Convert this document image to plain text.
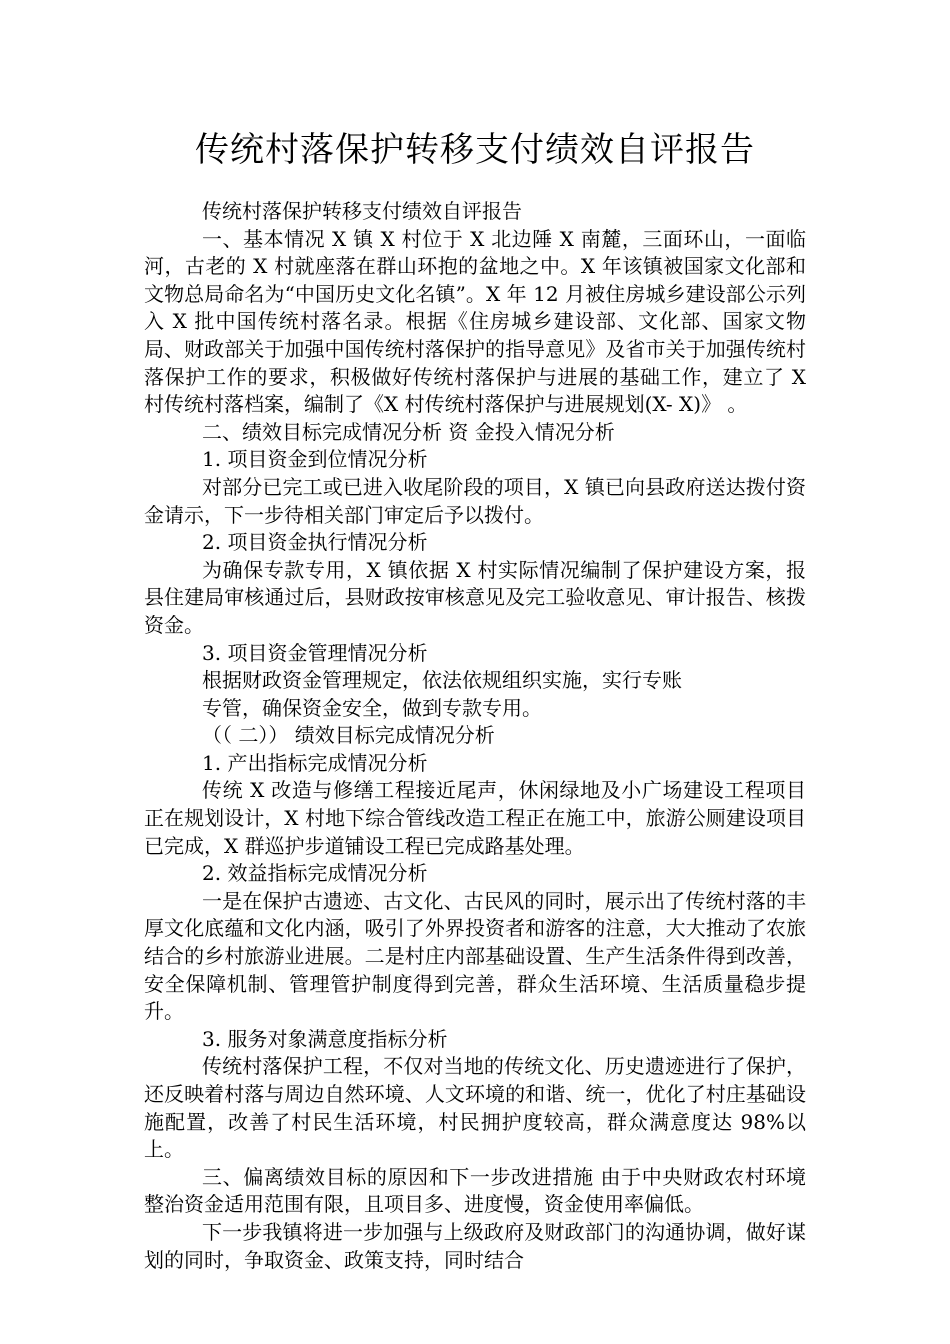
传统村落保护转移支付绩效自评报告

传统村落保护转移支付绩效自评报告

一、基本情况 X 镇 X 村位于 X 北边陲 X 南麓，三面环山，一面临河，古老的 X 村就座落在群山环抱的盆地之中。X 年该镇被国家文化部和文物总局命名为“中国历史文化名镇”。X 年 12 月被住房城乡建设部公示列入 X 批中国传统村落名录。根据《住房城乡建设部、文化部、国家文物局、财政部关于加强中国传统村落保护的指导意见》及省市关于加强传统村落保护工作的要求，积极做好传统村落保护与进展的基础工作，建立了 X 村传统村落档案，编制了《X 村传统村落保护与进展规划(X- X)》 。

二、绩效目标完成情况分析 资 金投入情况分析

1. 项目资金到位情况分析

对部分已完工或已进入收尾阶段的项目，X 镇已向县政府送达拨付资金请示，下一步待相关部门审定后予以拨付。

2. 项目资金执行情况分析

为确保专款专用，X 镇依据 X 村实际情况编制了保护建设方案，报县住建局审核通过后，县财政按审核意见及完工验收意见、审计报告、核拨资金。

3. 项目资金管理情况分析

根据财政资金管理规定，依法依规组织实施，实行专账

专管，确保资金安全，做到专款专用。

（（ 二）） 绩效目标完成情况分析

1. 产出指标完成情况分析

传统 X 改造与修缮工程接近尾声，休闲绿地及小广场建设工程项目正在规划设计，X 村地下综合管线改造工程正在施工中，旅游公厕建设项目已完成，X 群巡护步道铺设工程已完成路基处理。

2. 效益指标完成情况分析

一是在保护古遗迹、古文化、古民风的同时，展示出了传统村落的丰厚文化底蕴和文化内涵，吸引了外界投资者和游客的注意，大大推动了农旅结合的乡村旅游业进展。二是村庄内部基础设置、生产生活条件得到改善，安全保障机制、管理管护制度得到完善，群众生活环境、生活质量稳步提升。

3. 服务对象满意度指标分析

传统村落保护工程，不仅对当地的传统文化、历史遗迹进行了保护，还反映着村落与周边自然环境、人文环境的和谐、统一，优化了村庄基础设施配置，改善了村民生活环境，村民拥护度较高，群众满意度达 98%以上。

三、偏离绩效目标的原因和下一步改进措施 由于中央财政农村环境整治资金适用范围有限，且项目多、进度慢，资金使用率偏低。

下一步我镇将进一步加强与上级政府及财政部门的沟通协调，做好谋划的同时，争取资金、政策支持，同时结合
